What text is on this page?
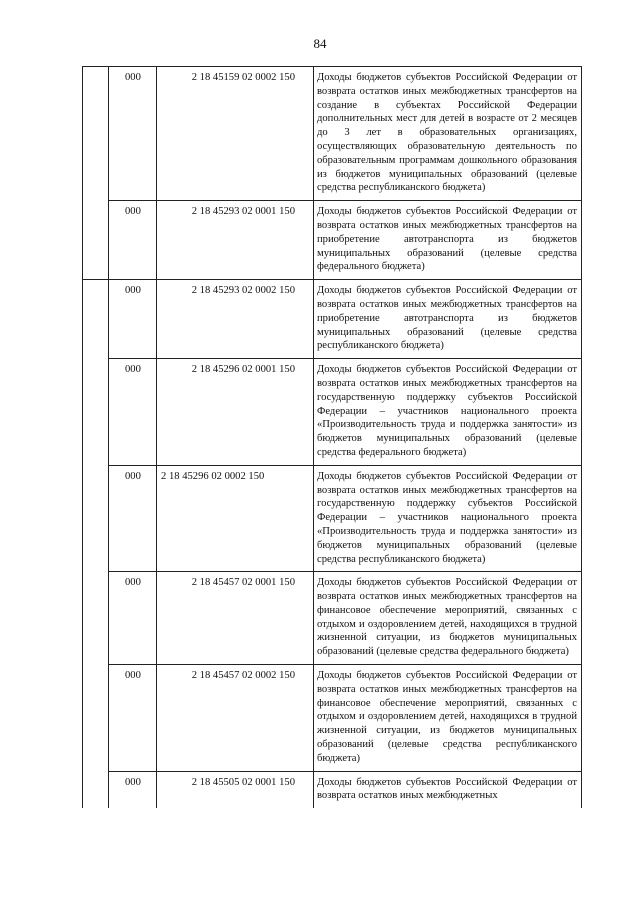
84
	000	2 18 45159 02 0002 150	Доходы бюджетов субъектов Российской Федерации от возврата остатков иных межбюджетных трансфертов на создание в субъектах Российской Федерации дополнительных мест для детей в возрасте от 2 месяцев до 3 лет в образовательных организациях, осуществляющих образовательную деятельность по образовательным программам дошкольного образования из бюджетов муниципальных образований (целевые средства республиканского бюджета)
	000	2 18 45293 02 0001 150	Доходы бюджетов субъектов Российской Федерации от возврата остатков иных межбюджетных трансфертов на приобретение автотранспорта из бюджетов муниципальных образований (целевые средства федерального бюджета)
	000	2 18 45293 02 0002 150	Доходы бюджетов субъектов Российской Федерации от возврата остатков иных межбюджетных трансфертов на приобретение автотранспорта из бюджетов муниципальных образований (целевые средства республиканского бюджета)
	000	2 18 45296 02 0001 150	Доходы бюджетов субъектов Российской Федерации от возврата остатков иных межбюджетных трансфертов на государственную поддержку субъектов Российской Федерации – участников национального проекта «Производительность труда и поддержка занятости» из бюджетов муниципальных образований (целевые средства федерального бюджета)
	000	2 18 45296 02 0002 150	Доходы бюджетов субъектов Российской Федерации от возврата остатков иных межбюджетных трансфертов на государственную поддержку субъектов Российской Федерации – участников национального проекта «Производительность труда и поддержка занятости» из бюджетов муниципальных образований (целевые средства республиканского бюджета)
	000	2 18 45457 02 0001 150	Доходы бюджетов субъектов Российской Федерации от возврата остатков иных межбюджетных трансфертов на финансовое обеспечение мероприятий, связанных с отдыхом и оздоровлением детей, находящихся в трудной жизненной ситуации, из бюджетов муниципальных образований (целевые средства федерального бюджета)
	000	2 18 45457 02 0002 150	Доходы бюджетов субъектов Российской Федерации от возврата остатков иных межбюджетных трансфертов на финансовое обеспечение мероприятий, связанных с отдыхом и оздоровлением детей, находящихся в трудной жизненной ситуации, из бюджетов муниципальных образований (целевые средства республиканского бюджета)
	000	2 18 45505 02 0001 150	Доходы бюджетов субъектов Российской Федерации от возврата остатков иных межбюджетных
